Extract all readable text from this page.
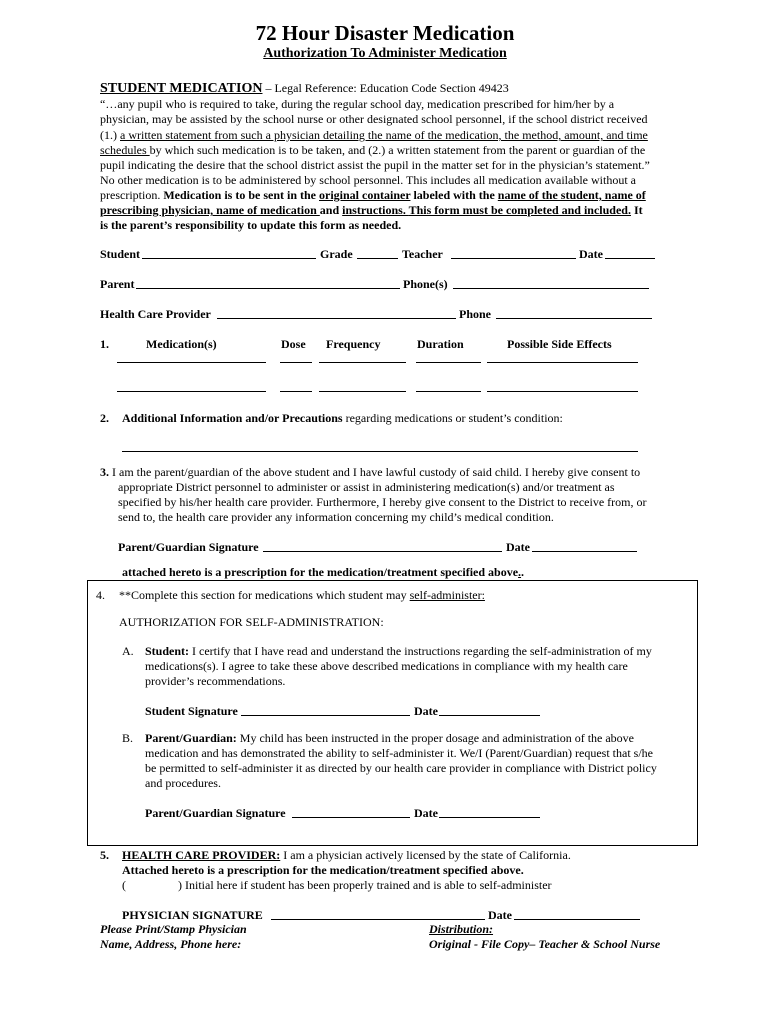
72 Hour Disaster Medication
Authorization To Administer Medication
STUDENT MEDICATION – Legal Reference: Education Code Section 49423
“…any pupil who is required to take, during the regular school day, medication prescribed for him/her by a
physician, may be assisted by the school nurse or other designated school personnel, if the school district received
(1.) a written statement from such a physician detailing the name of the medication, the method, amount, and time
schedules by which such medication is to be taken, and (2.) a written statement from the parent or guardian of the
pupil indicating the desire that the school district assist the pupil in the matter set for in the physician’s statement.”
No other medication is to be administered by school personnel. This includes all medication available without a
prescription. Medication is to be sent in the original container labeled with the name of the student, name of
prescribing physician, name of medication and instructions. This form must be completed and included. It
is the parent’s responsibility to update this form as needed.
Student	Grade	Teacher	Date
Parent	Phone(s)
Health Care Provider	Phone
1.	Medication(s)	Dose Frequency	Duration	Possible Side Effects
2. Additional Information and/or Precautions regarding medications or student’s condition:
3. I am the parent/guardian of the above student and I have lawful custody of said child. I hereby give consent to
appropriate District personnel to administer or assist in administering medication(s) and/or treatment as
specified by his/her health care provider. Furthermore, I hereby give consent to the District to receive from, or
send to, the health care provider any information concerning my child’s medical condition.
Parent/Guardian Signature	Date
attached hereto is a prescription for the medication/treatment specified above..
4. **Complete this section for medications which student may self-administer:
AUTHORIZATION FOR SELF-ADMINISTRATION:
A. Student: I certify that I have read and understand the instructions regarding the self-administration of my
medications(s). I agree to take these above described medications in compliance with my health care
provider’s recommendations.
Student Signature	Date
B. Parent/Guardian: My child has been instructed in the proper dosage and administration of the above
medication and has demonstrated the ability to self-administer it. We/I (Parent/Guardian) request that s/he
be permitted to self-administer it as directed by our health care provider in compliance with District policy
and procedures.
Parent/Guardian Signature	Date
5. HEALTH CARE PROVIDER: I am a physician actively licensed by the state of California.
Attached hereto is a prescription for the medication/treatment specified above.
(	) Initial here if student has been properly trained and is able to self-administer
PHYSICIAN SIGNATURE	Date
Please Print/Stamp Physician
Name, Address, Phone here:
Distribution:
Original - File Copy– Teacher & School Nurse
